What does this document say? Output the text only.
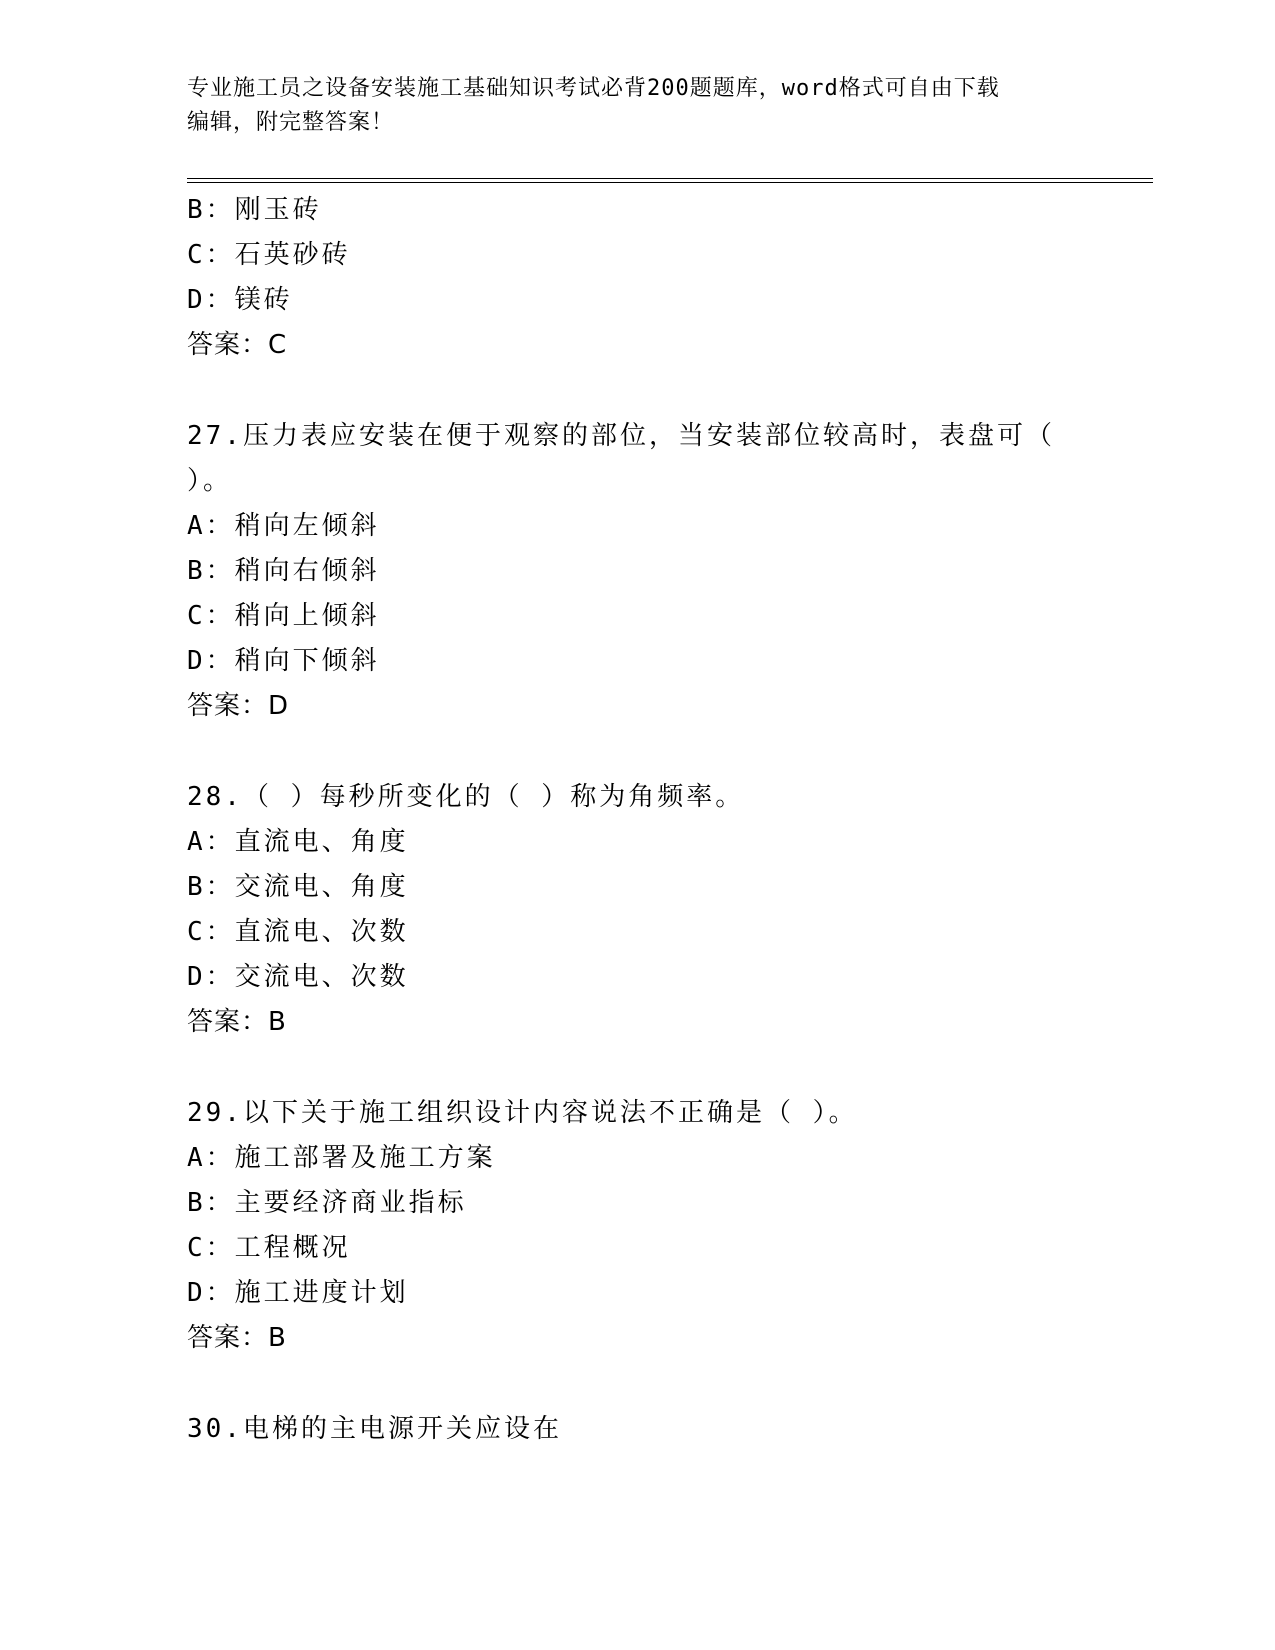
专业施工员之设备安装施工基础知识考试必背200题题库，word格式可自由下载
编辑，附完整答案！
B：刚玉砖
C：石英砂砖
D：镁砖
答案：C
27.压力表应安装在便于观察的部位，当安装部位较高时，表盘可（
）。
A：稍向左倾斜
B：稍向右倾斜
C：稍向上倾斜
D：稍向下倾斜
答案：D
28.（ ）每秒所变化的（ ）称为角频率。
A：直流电、角度
B：交流电、角度
C：直流电、次数
D：交流电、次数
答案：B
29.以下关于施工组织设计内容说法不正确是（ ）。
A：施工部署及施工方案
B：主要经济商业指标
C：工程概况
D：施工进度计划
答案：B
30.电梯的主电源开关应设在
